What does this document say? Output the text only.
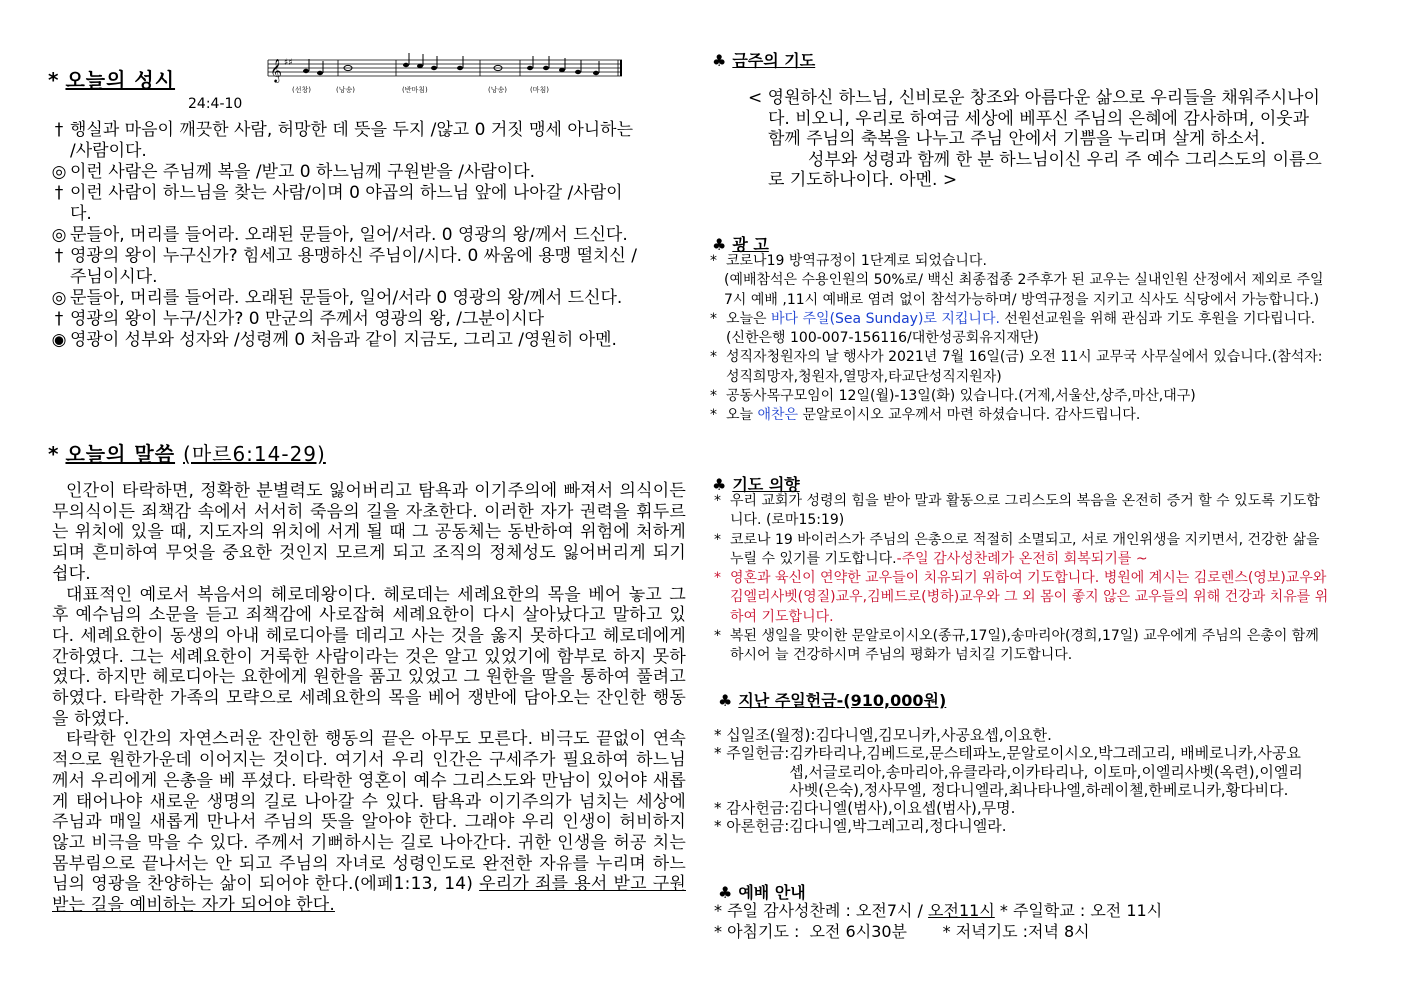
* 오늘의 성시
24:4-10
𝄞 ♯♯
(선창)	(낭송)	(반마침)	(낭송)	(마침)
† 행실과 마음이 깨끗한 사람, 허망한 데 뜻을 두지 /않고 0 거짓 맹세 아니하는 /사람이다.
◎ 이런 사람은 주님께 복을 /받고 0 하느님께 구원받을 /사람이다.
† 이런 사람이 하느님을 찾는 사람/이며 0 야곱의 하느님 앞에 나아갈 /사람이다.
◎ 문들아, 머리를 들어라. 오래된 문들아, 일어/서라. 0 영광의 왕/께서 드신다.
† 영광의 왕이 누구신가? 힘세고 용맹하신 주님이/시다. 0 싸움에 용맹 떨치신 /주님이시다.
◎ 문들아, 머리를 들어라. 오래된 문들아, 일어/서라 0 영광의 왕/께서 드신다.
† 영광의 왕이 누구/신가? 0 만군의 주께서 영광의 왕, /그분이시다
◉ 영광이 성부와 성자와 /성령께 0 처음과 같이 지금도, 그리고 /영원히 아멘.
* 오늘의 말씀 (마르6:14-29)

인간이 타락하면, 정확한 분별력도 잃어버리고 탐욕과 이기주의에 빠져서 의식이든 무의식이든 죄책감 속에서 서서히 죽음의 길을 자초한다. 이러한 자가 권력을 휘두르는 위치에 있을 때, 지도자의 위치에 서게 될 때 그 공동체는 동반하여 위험에 처하게 되며 흔미하여 무엇을 중요한 것인지 모르게 되고 조직의 정체성도 잃어버리게 되기 쉽다.

대표적인 예로서 복음서의 헤로데왕이다. 헤로데는 세례요한의 목을 베어 놓고 그후 예수님의 소문을 듣고 죄책감에 사로잡혀 세례요한이 다시 살아났다고 말하고 있다. 세례요한이 동생의 아내 헤로디아를 데리고 사는 것을 옳지 못하다고 헤로데에게 간하였다. 그는 세례요한이 거룩한 사람이라는 것은 알고 있었기에 함부로 하지 못하였다. 하지만 헤로디아는 요한에게 원한을 품고 있었고 그 원한을 딸을 통하여 풀려고 하였다. 타락한 가족의 모략으로 세례요한의 목을 베어 쟁반에 담아오는 잔인한 행동을 하였다.

타락한 인간의 자연스러운 잔인한 행동의 끝은 아무도 모른다. 비극도 끝없이 연속적으로 원한가운데 이어지는 것이다. 여기서 우리 인간은 구세주가 필요하여 하느님께서 우리에게 은총을 베 푸셨다. 타락한 영혼이 예수 그리스도와 만남이 있어야 새롭게 태어나야 새로운 생명의 길로 나아갈 수 있다. 탐욕과 이기주의가 넘치는 세상에 주님과 매일 새롭게 만나서 주님의 뜻을 알아야 한다. 그래야 우리 인생이 허비하지 않고 비극을 막을 수 있다. 주께서 기뻐하시는 길로 나아간다. 귀한 인생을 허공 치는 몸부림으로 끝나서는 안 되고 주님의 자녀로 성령인도로 완전한 자유를 누리며 하느님의 영광을 찬양하는 삶이 되어야 한다.(에페1:13, 14) 우리가 죄를 용서 받고 구원 받는 길을 예비하는 자가 되어야 한다.

♣ 금주의 기도
< 영원하신 하느님, 신비로운 창조와 아름다운 삶으로 우리들을 채워주시나이다. 비오니, 우리로 하여금 세상에 베푸신 주님의 은혜에 감사하며, 이웃과 함께 주님의 축복을 나누고 주님 안에서 기쁨을 누리며 살게 하소서.
성부와 성령과 함께 한 분 하느님이신 우리 주 예수 그리스도의 이름으로 기도하나이다. 아멘. >
♣ 광 고
* 코로나19 방역규정이 1단계로 되었습니다.
(예배참석은 수용인원의 50%로/ 백신 최종접종 2주후가 된 교우는 실내인원 산정에서 제외로 주일 7시 예배 ,11시 예배로 염려 없이 참석가능하며/ 방역규정을 지키고 식사도 식당에서 가능합니다.)
* 오늘은 바다 주일(Sea Sunday)로 지킵니다. 선원선교원을 위해 관심과 기도 후원을 기다립니다.(신한은행 100-007-156116/대한성공회유지재단)
* 성직자청원자의 날 행사가 2021년 7월 16일(금) 오전 11시 교무국 사무실에서 있습니다.(참석자:성직희망자,청원자,열망자,타교단성직지원자)
* 공동사목구모임이 12일(월)-13일(화) 있습니다.(거제,서울산,상주,마산,대구)
* 오늘 애찬은 문알로이시오 교우께서 마련 하셨습니다. 감사드립니다.
♣ 기도 의향
* 우리 교회가 성령의 힘을 받아 말과 활동으로 그리스도의 복음을 온전히 증거 할 수 있도록 기도합니다. (로마15:19)
* 코로나 19 바이러스가 주님의 은총으로 적절히 소멸되고, 서로 개인위생을 지키면서, 건강한 삶을 누릴 수 있기를 기도합니다.-주일 감사성찬례가 온전히 회복되기를 ~
* 영혼과 육신이 연약한 교우들이 치유되기 위하여 기도합니다. 병원에 계시는 김로렌스(영보)교우와 김엘리사벳(영질)교우,김베드로(병하)교우와 그 외 몸이 좋지 않은 교우들의 위해 건강과 치유를 위하여 기도합니다.
* 복된 생일을 맞이한 문알로이시오(종규,17일),송마리아(경희,17일) 교우에게 주님의 은총이 함께 하시어 늘 건강하시며 주님의 평화가 넘치길 기도합니다.
♣ 지난 주일헌금-(910,000원)
* 십일조(월정): 김다니엘,김모니카,사공요셉,이요한.
* 주일헌금: 김카타리나,김베드로,문스테파노,문알로이시오,박그레고리, 배베로니카,사공요셉,서글로리아,송마리아,유클라라,이카타리나, 이토마,이엘리사벳(옥련),이엘리사벳(은숙),정사무엘, 정다니엘라,최나타나엘,하레이첼,한베로니카,황다비다.
* 감사헌금: 김다니엘(범사),이요셉(범사),무명.
* 아론헌금: 김다니엘,박그레고리,정다니엘라.
♣ 예배 안내
* 주일 감사성찬례 : 오전7시 / 오전11시 * 주일학교 : 오전 11시
* 아침기도 :  오전 6시30분       * 저녁기도 :저녁 8시
